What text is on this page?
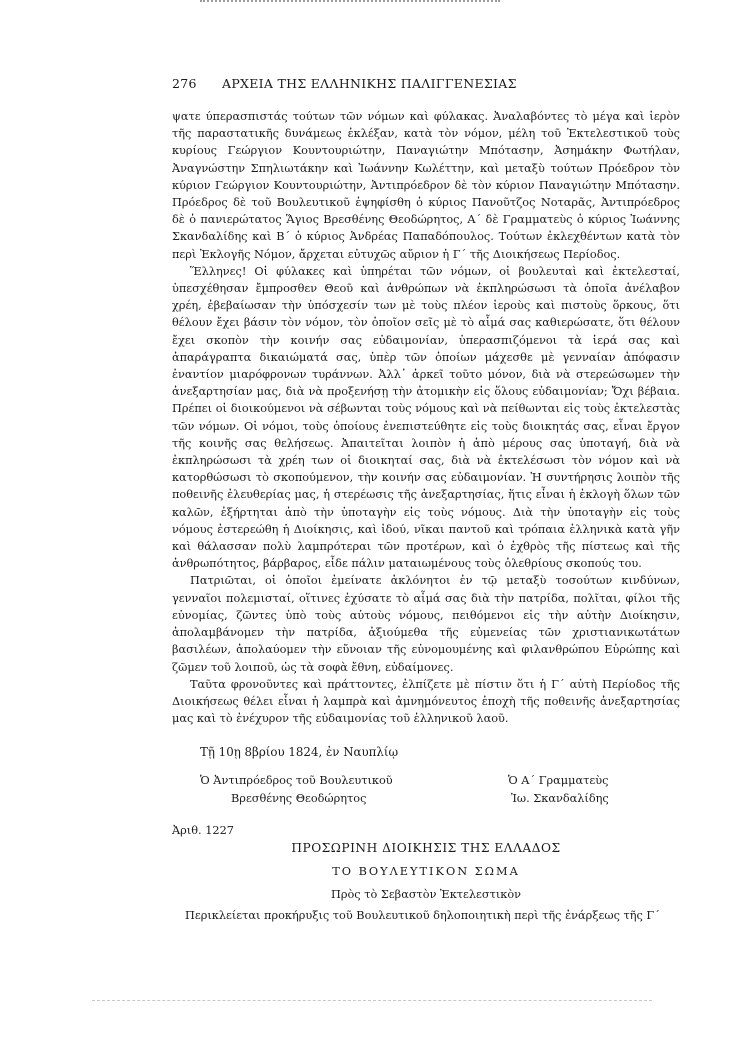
276 ΑΡΧΕΙΑ ΤΗΣ ΕΛΛΗΝΙΚΗΣ ΠΑΛΙΓΓΕΝΕΣΙΑΣ

ψατε ύπερασπιστάς τούτων τῶν νόμων καὶ φύλακας. Ἀναλαβόντες τὸ μέγα καὶ ἱερὸν τῆς παραστατικῆς δυνάμεως ἐκλέξαν, κατὰ τὸν νόμον, μέλη τοῦ Ἐκτελεστικοῦ τοὺς κυρίους Γεώργιον Κουντουριώτην, Παναγιώτην Μπότασην, Ἀσημάκην Φωτήλαν, Ἀναγνώστην Σπηλιωτάκην καὶ Ἰωάννην Κωλέττην, καὶ μεταξὺ τούτων Πρόεδρον τὸν κύριον Γεώργιον Κουντουριώτην, Ἀντιπρόεδρον δὲ τὸν κύριον Παναγιώτην Μπότασην. Πρόεδρος δὲ τοῦ Βουλευτικοῦ ἐψηφίσθη ὁ κύριος Πανοῦτζος Νοταρᾶς, Ἀντιπρόεδρος δὲ ὁ πανιερώτατος Ἅγιος Βρεσθένης Θεοδώρητος, Α΄ δὲ Γραμματεὺς ὁ κύριος Ἰωάννης Σκανδαλίδης καὶ Β΄ ὁ κύριος Ἀνδρέας Παπαδόπουλος. Τούτων ἐκλεχθέντων κατὰ τὸν περὶ Ἐκλογῆς Νόμον, ἄρχεται εὐτυχῶς αὔριον ἡ Γ΄ τῆς Διοικήσεως Περίοδος.

Ἕλληνες! Οἱ φύλακες καὶ ὑπηρέται τῶν νόμων, οἱ βουλευταὶ καὶ ἐκτελεσταί, ὑπεσχέθησαν ἔμπροσθεν Θεοῦ καὶ ἀνθρώπων νὰ ἐκπληρώσωσι τὰ ὁποῖα ἀνέλαβον χρέη, ἐβεβαίωσαν τὴν ὑπόσχεσίν των μὲ τοὺς πλέον ἱεροὺς καὶ πιστοὺς ὅρκους, ὅτι θέλουν ἔχει βάσιν τὸν νόμον, τὸν ὁποῖον σεῖς μὲ τὸ αἷμά σας καθιερώσατε, ὅτι θέλουν ἔχει σκοπὸν τὴν κοινήν σας εὐδαιμονίαν, ὑπερασπιζόμενοι τὰ ἱερά σας καὶ ἀπαράγραπτα δικαιώματά σας, ὑπὲρ τῶν ὁποίων μάχεσθε μὲ γενναίαν ἀπόφασιν ἐναντίον μιαρόφρονων τυράννων. Ἀλλ᾽ ἀρκεῖ τοῦτο μόνον, διὰ νὰ στερεώσωμεν τὴν ἀνεξαρτησίαν μας, διὰ νὰ προξενήσῃ τὴν ἀτομικὴν εἰς ὅλους εὐδαιμονίαν; Ὄχι βέβαια. Πρέπει οἱ διοικούμενοι νὰ σέβωνται τοὺς νόμους καὶ νὰ πείθωνται εἰς τοὺς ἐκτελεστὰς τῶν νόμων. Οἱ νόμοι, τοὺς ὁποίους ἐνεπιστεύθητε εἰς τοὺς διοικητάς σας, εἶναι ἔργον τῆς κοινῆς σας θελήσεως. Ἀπαιτεῖται λοιπὸν ἡ ἀπὸ μέρους σας ὑποταγή, διὰ νὰ ἐκπληρώσωσι τὰ χρέη των οἱ διοικηταί σας, διὰ νὰ ἐκτελέσωσι τὸν νόμον καὶ νὰ κατορθώσωσι τὸ σκοπούμενον, τὴν κοινήν σας εὐδαιμονίαν. Ἡ συντήρησις λοιπὸν τῆς ποθεινῆς ἐλευθερίας μας, ἡ στερέωσις τῆς ἀνεξαρτησίας, ἥτις εἶναι ἡ ἐκλογὴ ὅλων τῶν καλῶν, ἐξήρτηται ἀπὸ τὴν ὑποταγὴν εἰς τοὺς νόμους. Διὰ τὴν ὑποταγὴν εἰς τοὺς νόμους ἐστερεώθη ἡ Διοίκησις, καὶ ἰδού, νῖκαι παντοῦ καὶ τρόπαια ἑλληνικὰ κατὰ γῆν καὶ θάλασσαν πολὺ λαμπρότεραι τῶν προτέρων, καὶ ὁ ἐχθρὸς τῆς πίστεως καὶ τῆς ἀνθρωπότητος, βάρβαρος, εἶδε πάλιν ματαιωμένους τοὺς ὀλεθρίους σκοπούς του.

Πατριῶται, οἱ ὁποῖοι ἐμείνατε ἀκλόνητοι ἐν τῷ μεταξὺ τοσούτων κινδύνων, γενναῖοι πολεμισταί, οἵτινες ἐχύσατε τὸ αἷμά σας διὰ τὴν πατρίδα, πολῖται, φίλοι τῆς εὐνομίας, ζῶντες ὑπὸ τοὺς αὐτοὺς νόμους, πειθόμενοι εἰς τὴν αὐτὴν Διοίκησιν, ἀπολαμβάνομεν τὴν πατρίδα, ἀξιούμεθα τῆς εὐμενείας τῶν χριστιανικωτάτων βασιλέων, ἀπολαύομεν τὴν εὔνοιαν τῆς εὐνομουμένης καὶ φιλανθρώπου Εὐρώπης καὶ ζῶμεν τοῦ λοιποῦ, ὡς τὰ σοφὰ ἔθνη, εὐδαίμονες.

Ταῦτα φρονοῦντες καὶ πράττοντες, ἐλπίζετε μὲ πίστιν ὅτι ἡ Γ΄ αὐτὴ Περίοδος τῆς Διοικήσεως θέλει εἶναι ἡ λαμπρὰ καὶ ἀμνημόνευτος ἐποχὴ τῆς ποθεινῆς ἀνεξαρτησίας μας καὶ τὸ ἐνέχυρον τῆς εὐδαιμονίας τοῦ ἑλληνικοῦ λαοῦ.

Τῇ 10ῃ 8βρίου 1824, ἐν Ναυπλίῳ
Ὁ Ἀντιπρόεδρος τοῦ Βουλευτικοῦ
Βρεσθένης Θεοδώρητος
Ὁ Α΄ Γραμματεὺς
Ἰω. Σκανδαλίδης
Ἀριθ. 1227
ΠΡΟΣΩΡΙΝΗ ΔΙΟΙΚΗΣΙΣ ΤΗΣ ΕΛΛΑΔΟΣ
ΤΟ ΒΟΥΛΕΥΤΙΚΟΝ ΣΩΜΑ
Πρὸς τὸ Σεβαστὸν Ἐκτελεστικὸν
Περικλείεται προκήρυξις τοῦ Βουλευτικοῦ δηλοποιητικὴ περὶ τῆς ἐνάρξεως τῆς Γ΄
